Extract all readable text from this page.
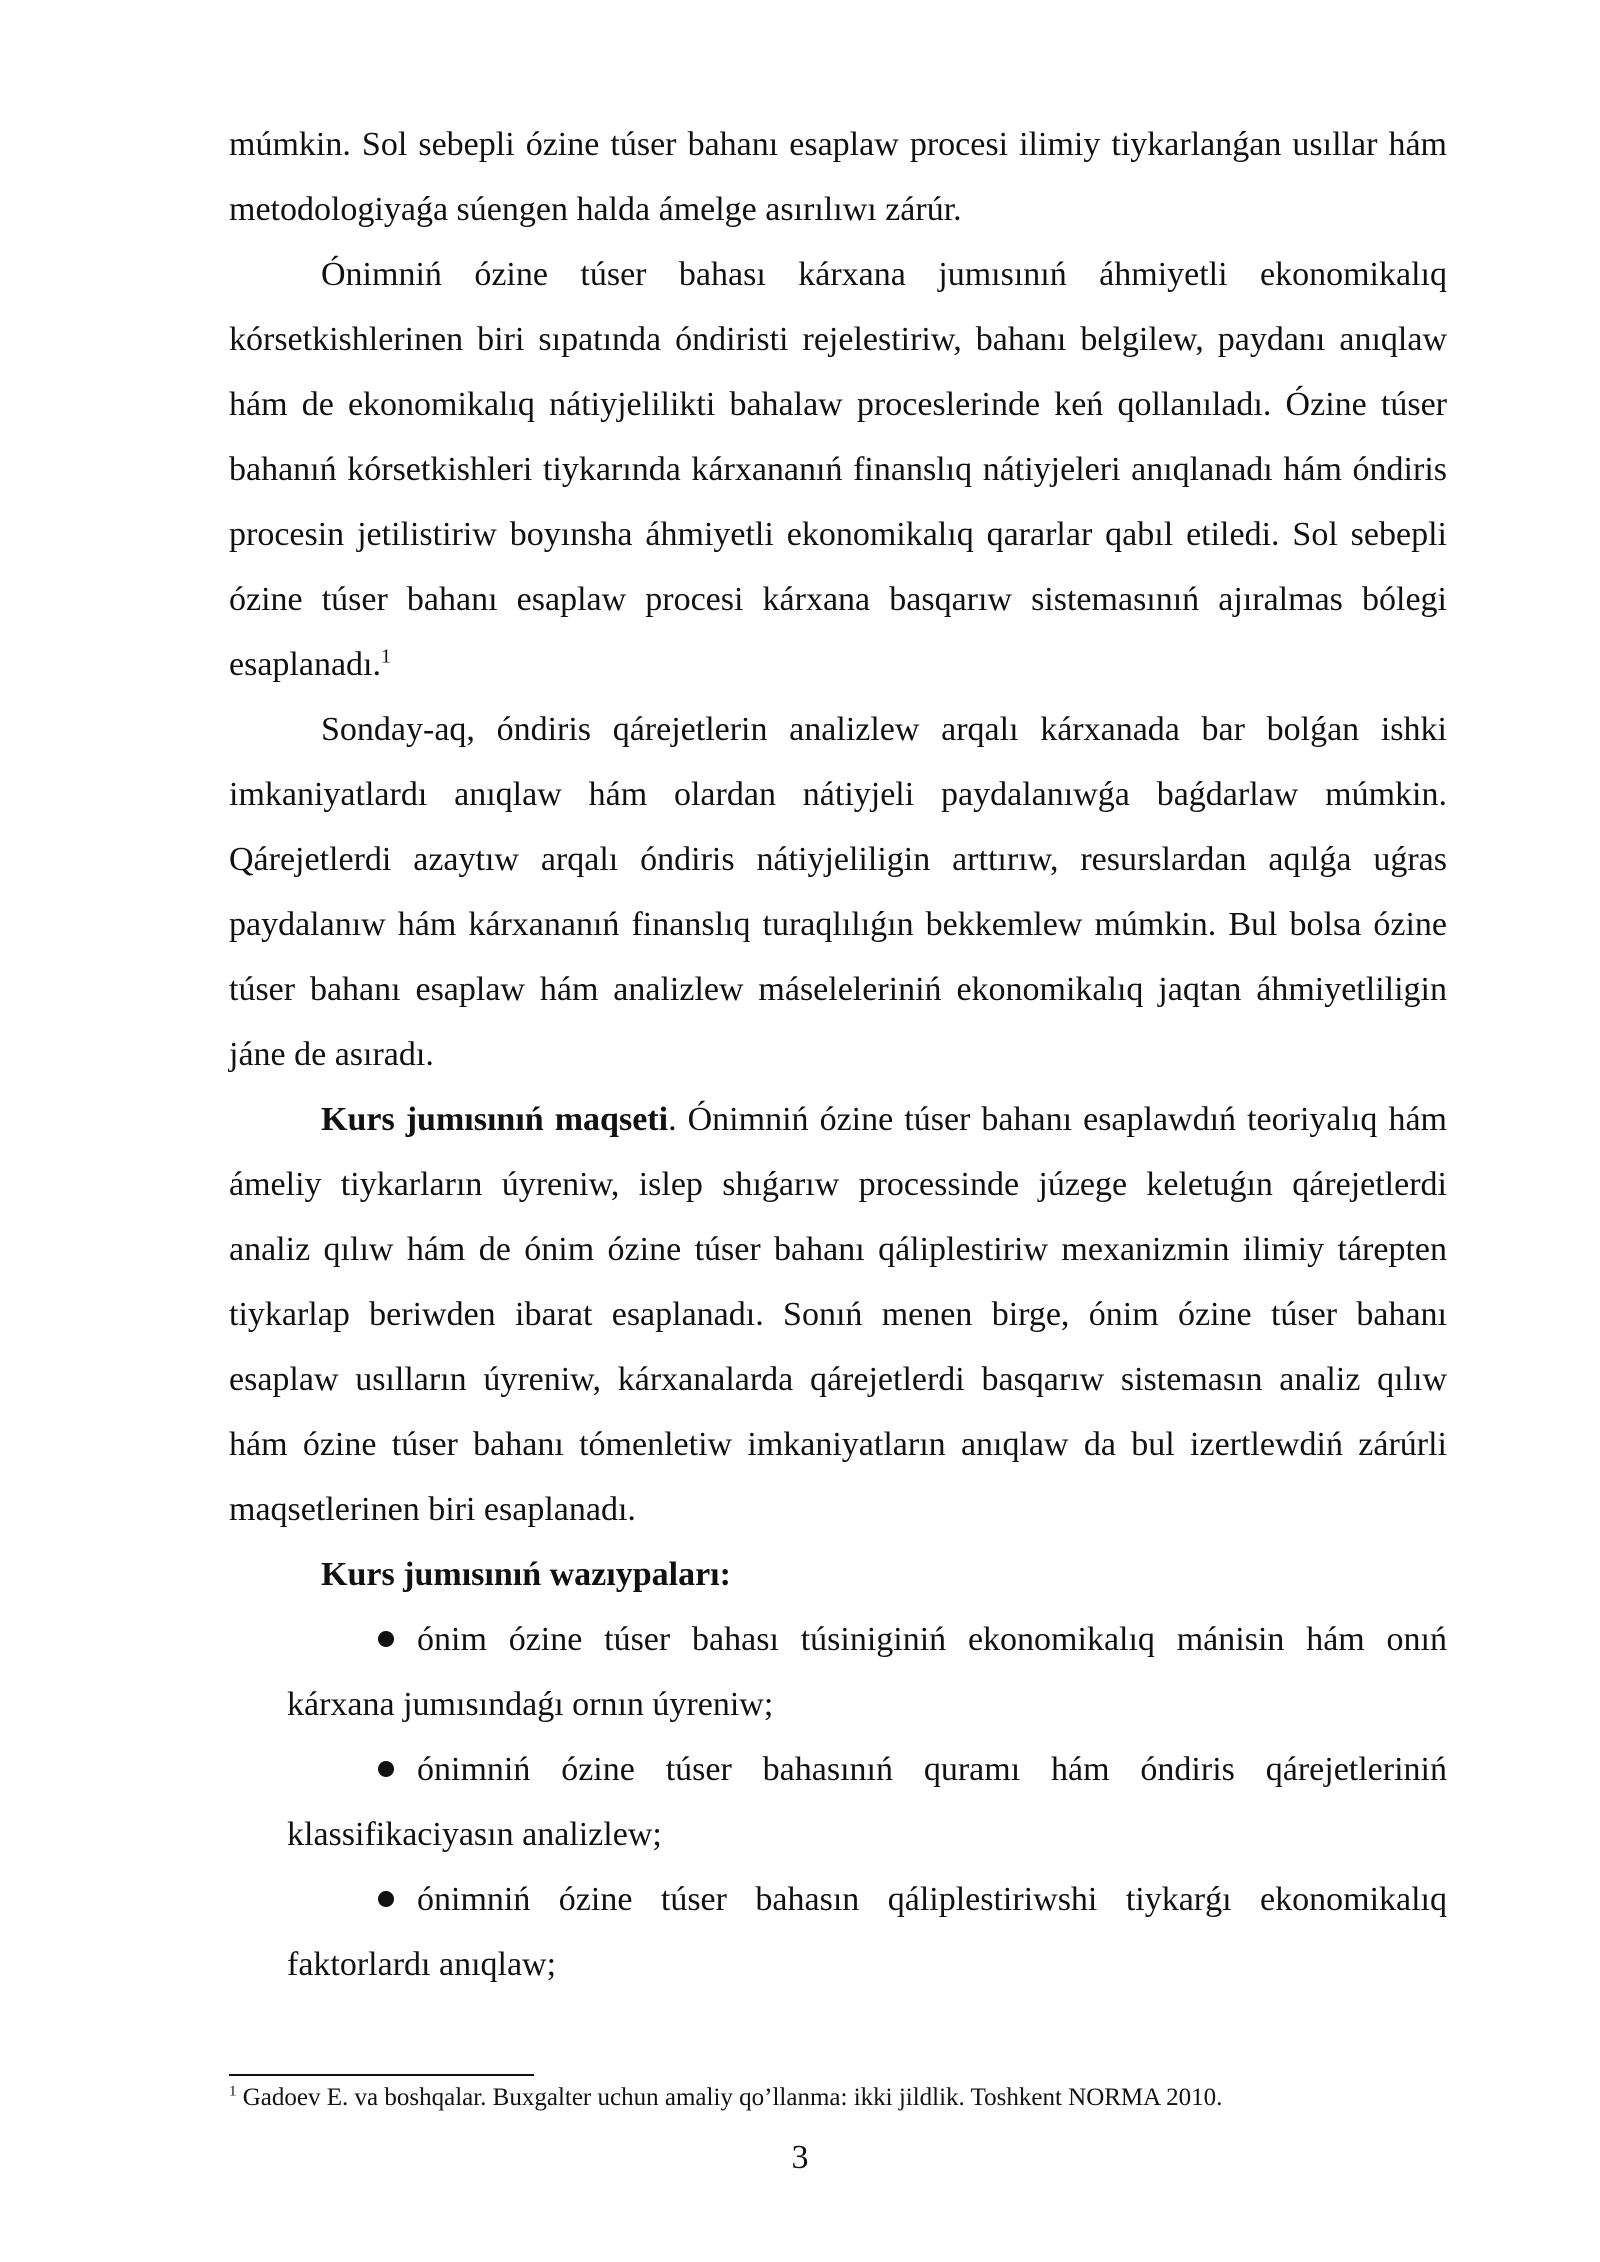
múmkin. Sol sebepli ózine túser bahanı esaplaw procesi ilimiy tiykarlanǵan usıllar hám metodologiyaǵa súengen halda ámelge asırılıwı zárúr.

Ónimniń ózine túser bahası kárxana jumısınıń áhmiyetli ekonomikalıq kórsetkishlerinen biri sıpatında óndiristi rejelestiriw, bahanı belgilew, paydanı anıqlaw hám de ekonomikalıq nátiyjelilikti bahalaw proceslerinde keń qollanıladı. Ózine túser bahanıń kórsetkishleri tiykarında kárxananıń finanslıq nátiyjeleri anıqlanadı hám óndiris procesin jetilistiriw boyınsha áhmiyetli ekonomikalıq qararlar qabıl etiledi. Sol sebepli ózine túser bahanı esaplaw procesi kárxana basqarıw sistemasınıń ajıralmas bólegi esaplanadı.$^1$

Sonday-aq, óndiris qárejetlerin analizlew arqalı kárxanada bar bolǵan ishki imkaniyatlardı anıqlaw hám olardan nátiyjeli paydalanıwǵa baǵdarlaw múmkin. Qárejetlerdi azaytıw arqalı óndiris nátiyjeliligin arttırıw, resurslardan aqılǵa uǵras paydalanıw hám kárxananıń finanslıq turaqlılıǵın bekkemlew múmkin. Bul bolsa ózine túser bahanı esaplaw hám analizlew máseleleriniń ekonomikalıq jaqtan áhmiyetliligin jáne de asıradı.

Kurs jumısınıń maqseti. Ónimniń ózine túser bahanı esaplawdıń teoriyalıq hám ámeliy tiykarların úyreniw, islep shıǵarıw processinde júzege keletuǵın qárejetlerdi analiz qılıw hám de ónim ózine túser bahanı qáliplestiriw mexanizmin ilimiy tárepten tiykarlap beriwden ibarat esaplanadı. Sonıń menen birge, ónim ózine túser bahanı esaplaw usılların úyreniw, kárxanalarda qárejetlerdi basqarıw sistemasın analiz qılıw hám ózine túser bahanı tómenletiw imkaniyatların anıqlaw da bul izertlewdiń zárúrli maqsetlerinen biri esaplanadı.

Kurs jumısınıń wazıypaları:

ónim ózine túser bahası túsiniginiń ekonomikalıq mánisin hám onıń kárxana jumısındaǵı ornın úyreniw;

ónimniń ózine túser bahasınıń quramı hám óndiris qárejetleriniń klassifikaciyasın analizlew;

ónimniń ózine túser bahasın qáliplestiriwshi tiykarǵı ekonomikalıq faktorlardı anıqlaw;

$^1$ Gadoev E. va boshqalar. Buxgalter uchun amaliy qo’llanma: ikki jildlik. Toshkent NORMA 2010.
3
